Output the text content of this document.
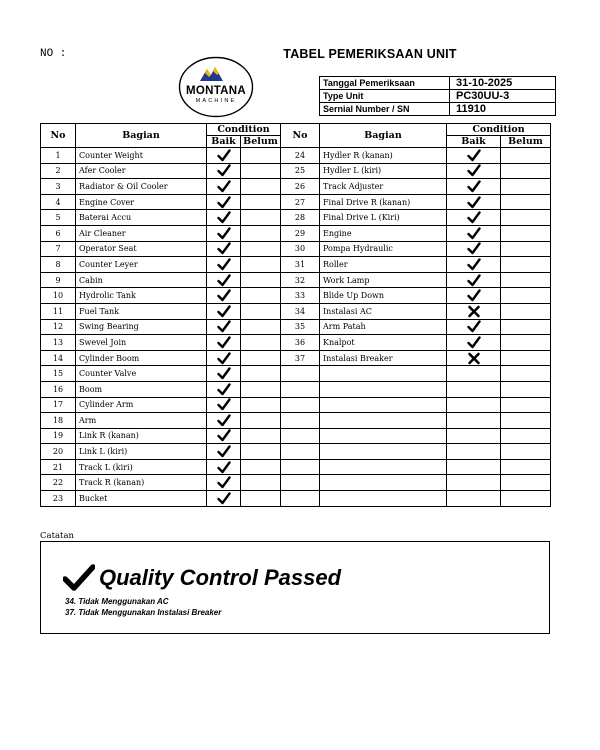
NO :	TABEL PEMERIKSAAN UNIT
MONTANA
MACHINE
Tanggal Pemeriksaan	31-10-2025
Type Unit	PC30UU-3
Sernial Number / SN	11910
No	Bagian	Condition		No	Bagian	Condition	
		Baik	Belum			Baik	Belum
1	Counter Weight			24	Hydler R (kanan)	

2	Afer Cooler			25	Hydler L (kiri)	

3	Radiator & Oil Cooler			26	Track Adjuster	

4	Engine Cover			27	Final Drive R (kanan)	

5	Baterai Accu			28	Final Drive L (Kiri)	

6	Air Cleaner			29	Engine	

7	Operator Seat			30	Pompa Hydraulic	

8	Counter Leyer			31	Roller	

9	Cabin			32	Work Lamp	

10	Hydrolic Tank			33	Blide Up Down	

11	Fuel Tank			34	Instalasi AC	

12	Swing Bearing			35	Arm Patah	

13	Swevel Join			36	Knalpot	

14	Cylinder Boom			37	Instalasi Breaker	

15	Counter Valve	

16	Boom	

17	Cylinder Arm	

18	Arm	

19	Link R (kanan)	

20	Link L (kiri)	

21	Track L (kiri)	

22	Track R (kanan)	

23	Bucket	

Catatan
Quality Control Passed
34. Tidak Menggunakan AC
37. Tidak Menggunakan Instalasi Breaker
